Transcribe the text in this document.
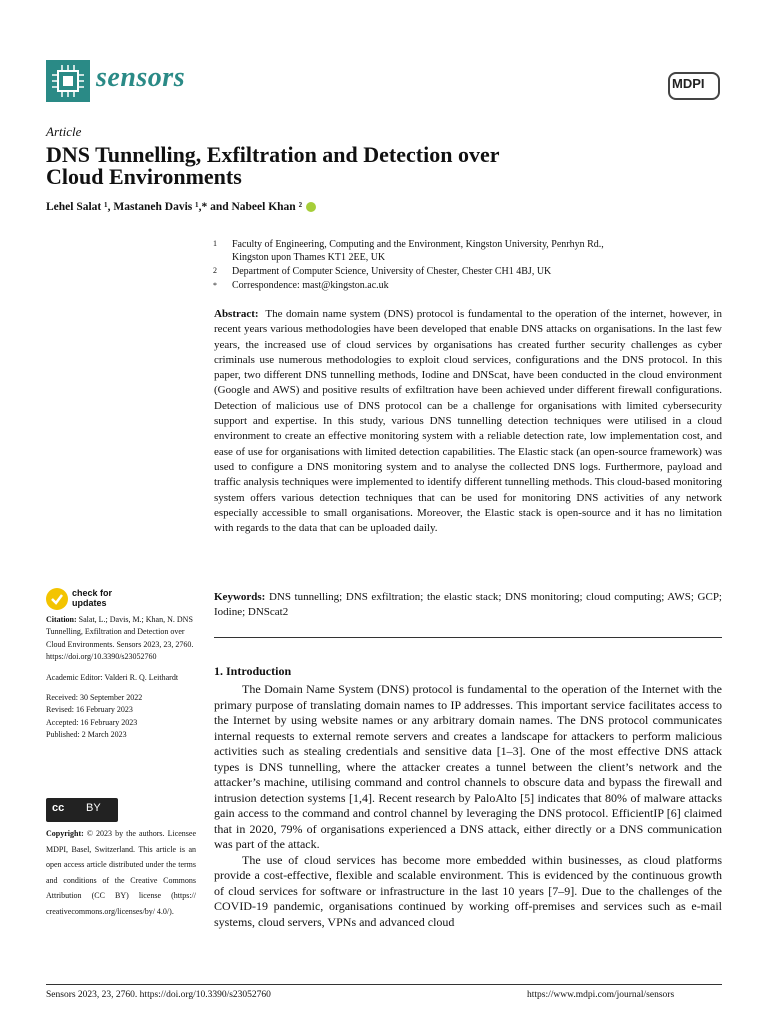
sensors	MDPI
Article
DNS Tunnelling, Exfiltration and Detection over
Cloud Environments
Lehel Salat ¹, Mastaneh Davis ¹,* and Nabeel Khan ²
1 Faculty of Engineering, Computing and the Environment, Kingston University, Penrhyn Rd.,
Kingston upon Thames KT1 2EE, UK
2 Department of Computer Science, University of Chester, Chester CH1 4BJ, UK
* Correspondence: mast@kingston.ac.uk
Abstract: The domain name system (DNS) protocol is fundamental to the operation of the internet, however, in recent years various methodologies have been developed that enable DNS attacks on organisations. In the last few years, the increased use of cloud services by organisations has created further security challenges as cyber criminals use numerous methodologies to exploit cloud services, configurations and the DNS protocol. In this paper, two different DNS tunnelling methods, Iodine and DNScat, have been conducted in the cloud environment (Google and AWS) and positive results of exfiltration have been achieved under different firewall configurations. Detection of malicious use of DNS protocol can be a challenge for organisations with limited cybersecurity support and expertise. In this study, various DNS tunnelling detection techniques were utilised in a cloud environment to create an effective monitoring system with a reliable detection rate, low implementation cost, and ease of use for organisations with limited detection capabilities. The Elastic stack (an open-source framework) was used to configure a DNS monitoring system and to analyse the collected DNS logs. Furthermore, payload and traffic analysis techniques were implemented to identify different tunnelling methods. This cloud-based monitoring system offers various detection techniques that can be used for monitoring DNS activities of any network especially accessible to small organisations. Moreover, the Elastic stack is open-source and it has no limitation with regards to the data that can be uploaded daily.
Keywords: DNS tunnelling; DNS exfiltration; the elastic stack; DNS monitoring; cloud computing; AWS; GCP; Iodine; DNScat2
check for
updates
Citation: Salat, L.; Davis, M.; Khan, N. DNS Tunnelling, Exfiltration and Detection over Cloud Environments. Sensors 2023, 23, 2760. https://doi.org/10.3390/s23052760
Academic Editor: Valderi R. Q. Leithardt
Received: 30 September 2022
Revised: 16 February 2023
Accepted: 16 February 2023
Published: 2 March 2023
cc BY
Copyright: © 2023 by the authors. Licensee MDPI, Basel, Switzerland. This article is an open access article distributed under the terms and conditions of the Creative Commons Attribution (CC BY) license (https:// creativecommons.org/licenses/by/ 4.0/).
1. Introduction

The Domain Name System (DNS) protocol is fundamental to the operation of the Internet with the primary purpose of translating domain names to IP addresses. This important service facilitates access to the Internet by using website names or any arbitrary domain names. The DNS protocol communicates internal requests to external remote servers and creates a landscape for attackers to perform malicious activities such as stealing credentials and sensitive data [1–3]. One of the most effective DNS attack types is DNS tunnelling, where the attacker creates a tunnel between the client’s network and the attacker’s machine, utilising command and control channels to obscure data and bypass the firewall and intrusion detection systems [1,4]. Recent research by PaloAlto [5] indicates that 80% of malware attacks gain access to the command and control channel by leveraging the DNS protocol. EfficientIP [6] claimed that in 2020, 79% of organisations experienced a DNS attack, either directly or a DNS communication was part of the attack.

The use of cloud services has become more embedded within businesses, as cloud platforms provide a cost-effective, flexible and scalable environment. This is evidenced by the continuous growth of cloud services for software or infrastructure in the last 10 years [7–9]. Due to the challenges of the COVID-19 pandemic, organisations continued by working off-premises and services such as e-mail systems, cloud servers, VPNs and advanced cloud

Sensors 2023, 23, 2760. https://doi.org/10.3390/s23052760	https://www.mdpi.com/journal/sensors
